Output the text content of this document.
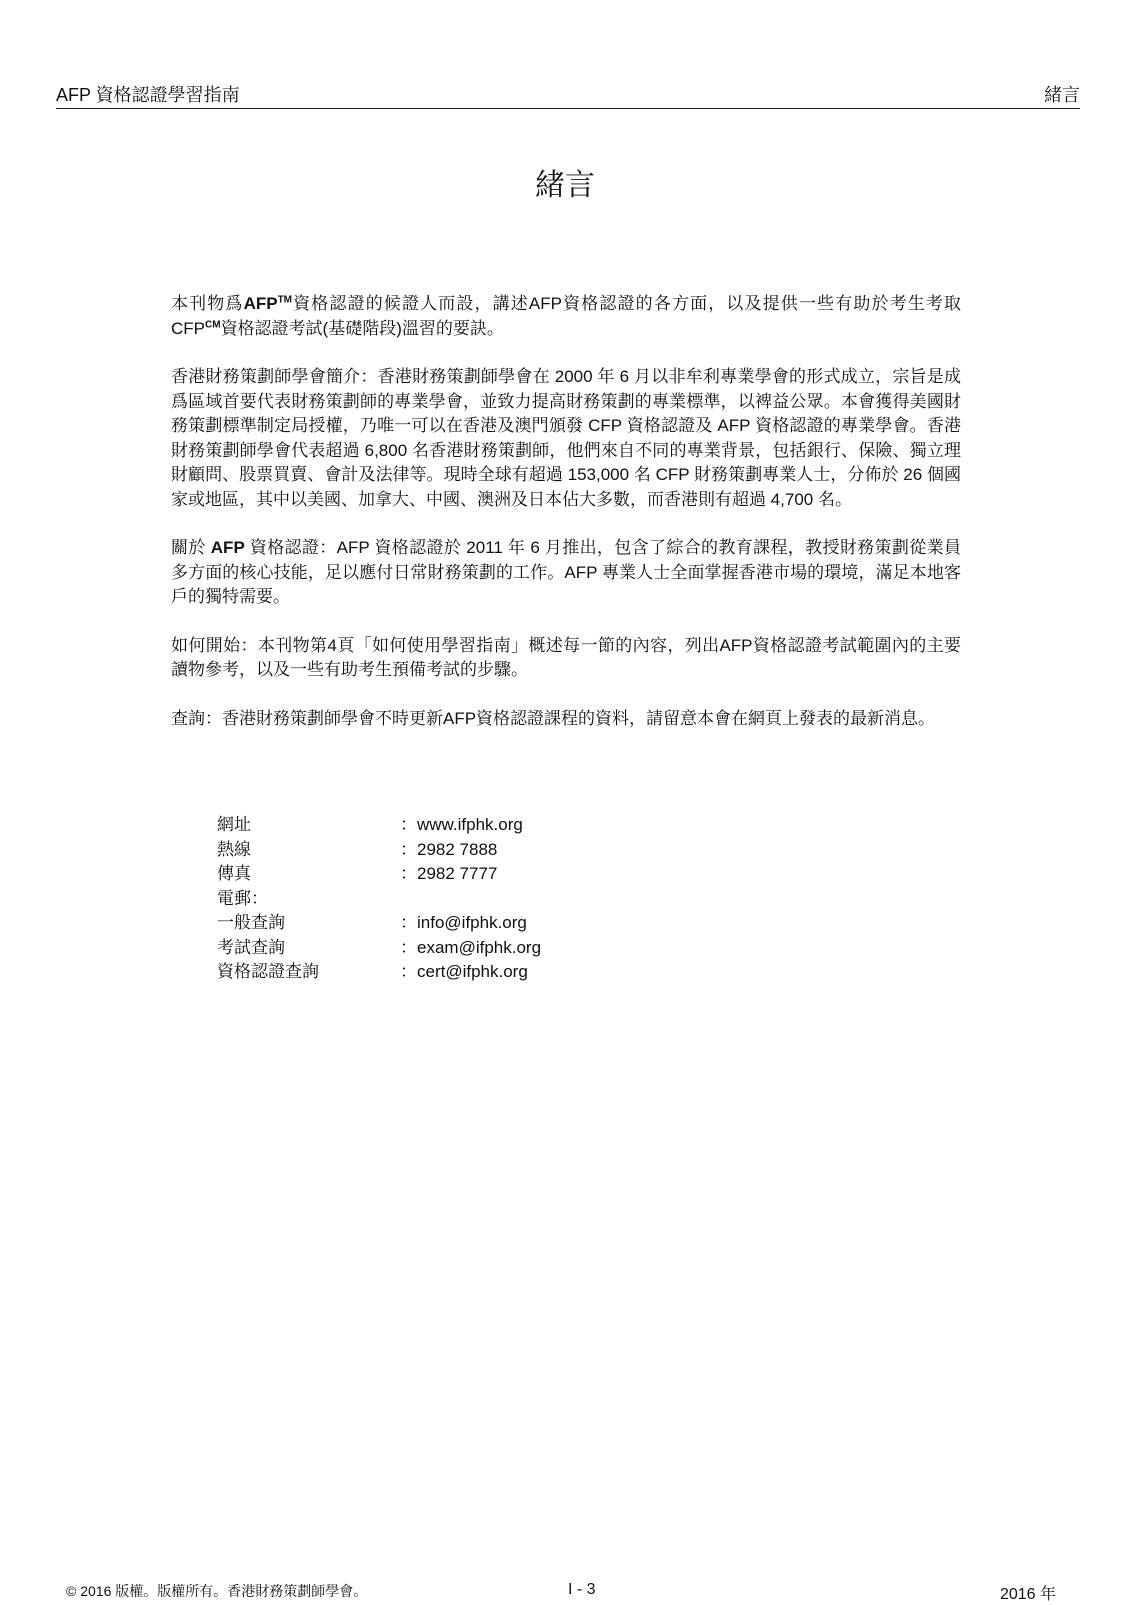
AFP 資格認證學習指南	緒言
緒言

本刊物爲AFP™資格認證的候證人而設，講述AFP資格認證的各方面，以及提供一些有助於考生考取$CFP^{CM}$資格認證考試(基礎階段)溫習的要訣。

香港財務策劃師學會簡介：香港財務策劃師學會在 2000 年 6 月以非牟利專業學會的形式成立，宗旨是成爲區域首要代表財務策劃師的專業學會，並致力提高財務策劃的專業標準，以裨益公眾。本會獲得美國財務策劃標準制定局授權，乃唯一可以在香港及澳門頒發 CFP 資格認證及 AFP 資格認證的專業學會。香港財務策劃師學會代表超過 6,800 名香港財務策劃師，他們來自不同的專業背景，包括銀行、保險、獨立理財顧問、股票買賣、會計及法律等。現時全球有超過 153,000 名 CFP 財務策劃專業人士，分佈於 26 個國家或地區，其中以美國、加拿大、中國、澳洲及日本佔大多數，而香港則有超過 4,700 名。

關於 AFP 資格認證：AFP 資格認證於 2011 年 6 月推出，包含了綜合的教育課程，教授財務策劃從業員多方面的核心技能，足以應付日常財務策劃的工作。AFP 專業人士全面掌握香港市場的環境，滿足本地客戶的獨特需要。

如何開始：本刊物第4頁「如何使用學習指南」概述每一節的內容，列出AFP資格認證考試範圍內的主要讀物參考，以及一些有助考生預備考試的步驟。

查詢：香港財務策劃師學會不時更新AFP資格認證課程的資料，請留意本會在網頁上發表的最新消息。

網址	：www.ifphk.org
熱線	：2982 7888
傳真	：2982 7777
電郵：
一般查詢	：info@ifphk.org
考試查詢	：exam@ifphk.org
資格認證查詢	：cert@ifphk.org
© 2016 版權。版權所有。香港財務策劃師學會。	I - 3	2016 年
